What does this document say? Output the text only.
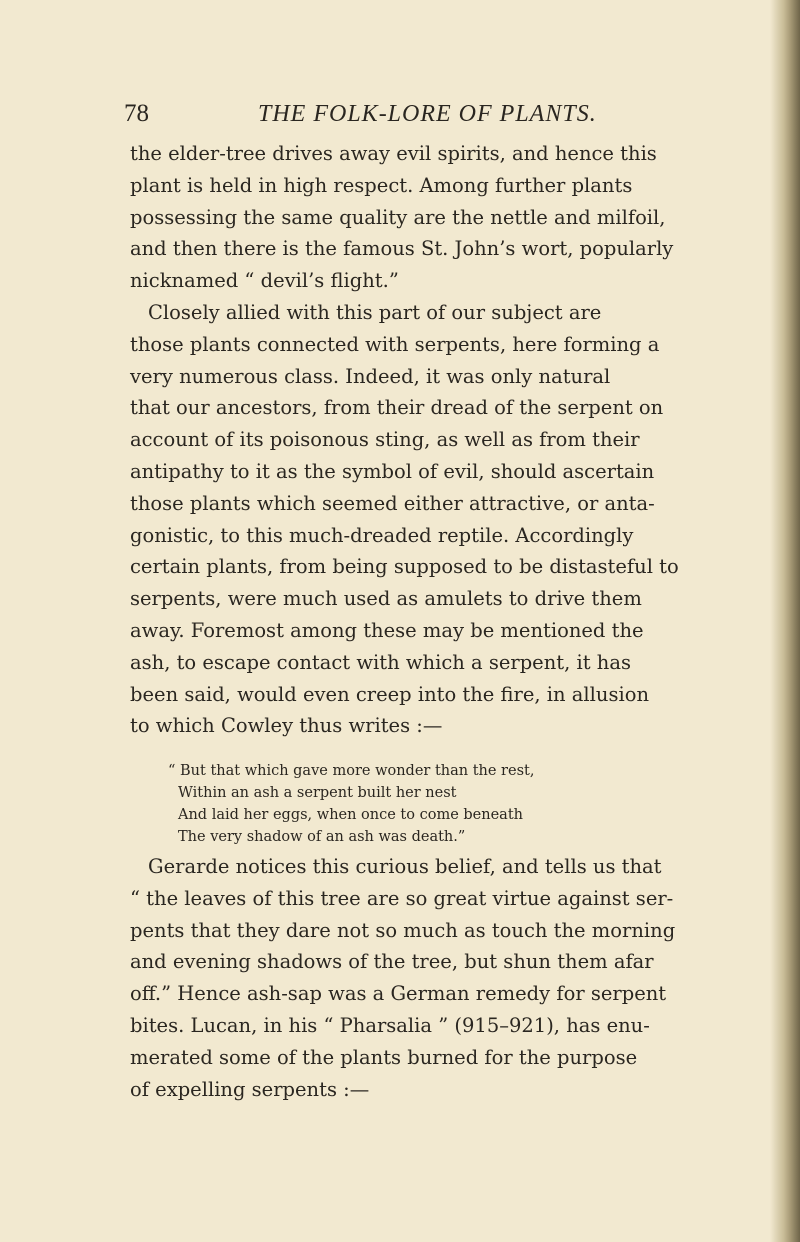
78	THE FOLK-LORE OF PLANTS.
the elder-tree drives away evil spirits, and hence this
plant is held in high respect. Among further plants
possessing the same quality are the nettle and milfoil,
and then there is the famous St. John’s wort, popularly
nicknamed “ devil’s flight.”
Closely allied with this part of our subject are
those plants connected with serpents, here forming a
very numerous class. Indeed, it was only natural
that our ancestors, from their dread of the serpent on
account of its poisonous sting, as well as from their
antipathy to it as the symbol of evil, should ascertain
those plants which seemed either attractive, or anta-
gonistic, to this much-dreaded reptile. Accordingly
certain plants, from being supposed to be distasteful to
serpents, were much used as amulets to drive them
away. Foremost among these may be mentioned the
ash, to escape contact with which a serpent, it has
been said, would even creep into the fire, in allusion
to which Cowley thus writes :—
“ But that which gave more wonder than the rest,
Within an ash a serpent built her nest
And laid her eggs, when once to come beneath
The very shadow of an ash was death.”
Gerarde notices this curious belief, and tells us that
“ the leaves of this tree are so great virtue against ser-
pents that they dare not so much as touch the morning
and evening shadows of the tree, but shun them afar
off.” Hence ash-sap was a German remedy for serpent
bites. Lucan, in his “ Pharsalia ” (915–921), has enu-
merated some of the plants burned for the purpose
of expelling serpents :—
